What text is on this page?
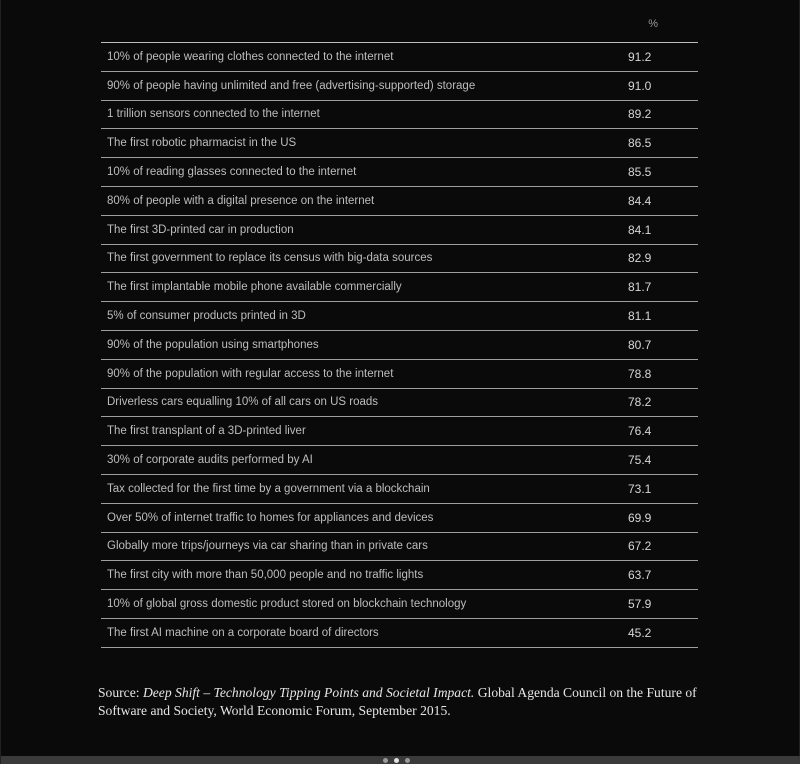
%
10% of people wearing clothes connected to the internet	91.2
90% of people having unlimited and free (advertising-supported) storage	91.0
1 trillion sensors connected to the internet	89.2
The first robotic pharmacist in the US	86.5
10% of reading glasses connected to the internet	85.5
80% of people with a digital presence on the internet	84.4
The first 3D-printed car in production	84.1
The first government to replace its census with big-data sources	82.9
The first implantable mobile phone available commercially	81.7
5% of consumer products printed in 3D	81.1
90% of the population using smartphones	80.7
90% of the population with regular access to the internet	78.8
Driverless cars equalling 10% of all cars on US roads	78.2
The first transplant of a 3D-printed liver	76.4
30% of corporate audits performed by AI	75.4
Tax collected for the first time by a government via a blockchain	73.1
Over 50% of internet traffic to homes for appliances and devices	69.9
Globally more trips/journeys via car sharing than in private cars	67.2
The first city with more than 50,000 people and no traffic lights	63.7
10% of global gross domestic product stored on blockchain technology	57.9
The first AI machine on a corporate board of directors	45.2
Source: Deep Shift – Technology Tipping Points and Societal Impact. Global Agenda Council on the Future of Software and Society, World Economic Forum, September 2015.
